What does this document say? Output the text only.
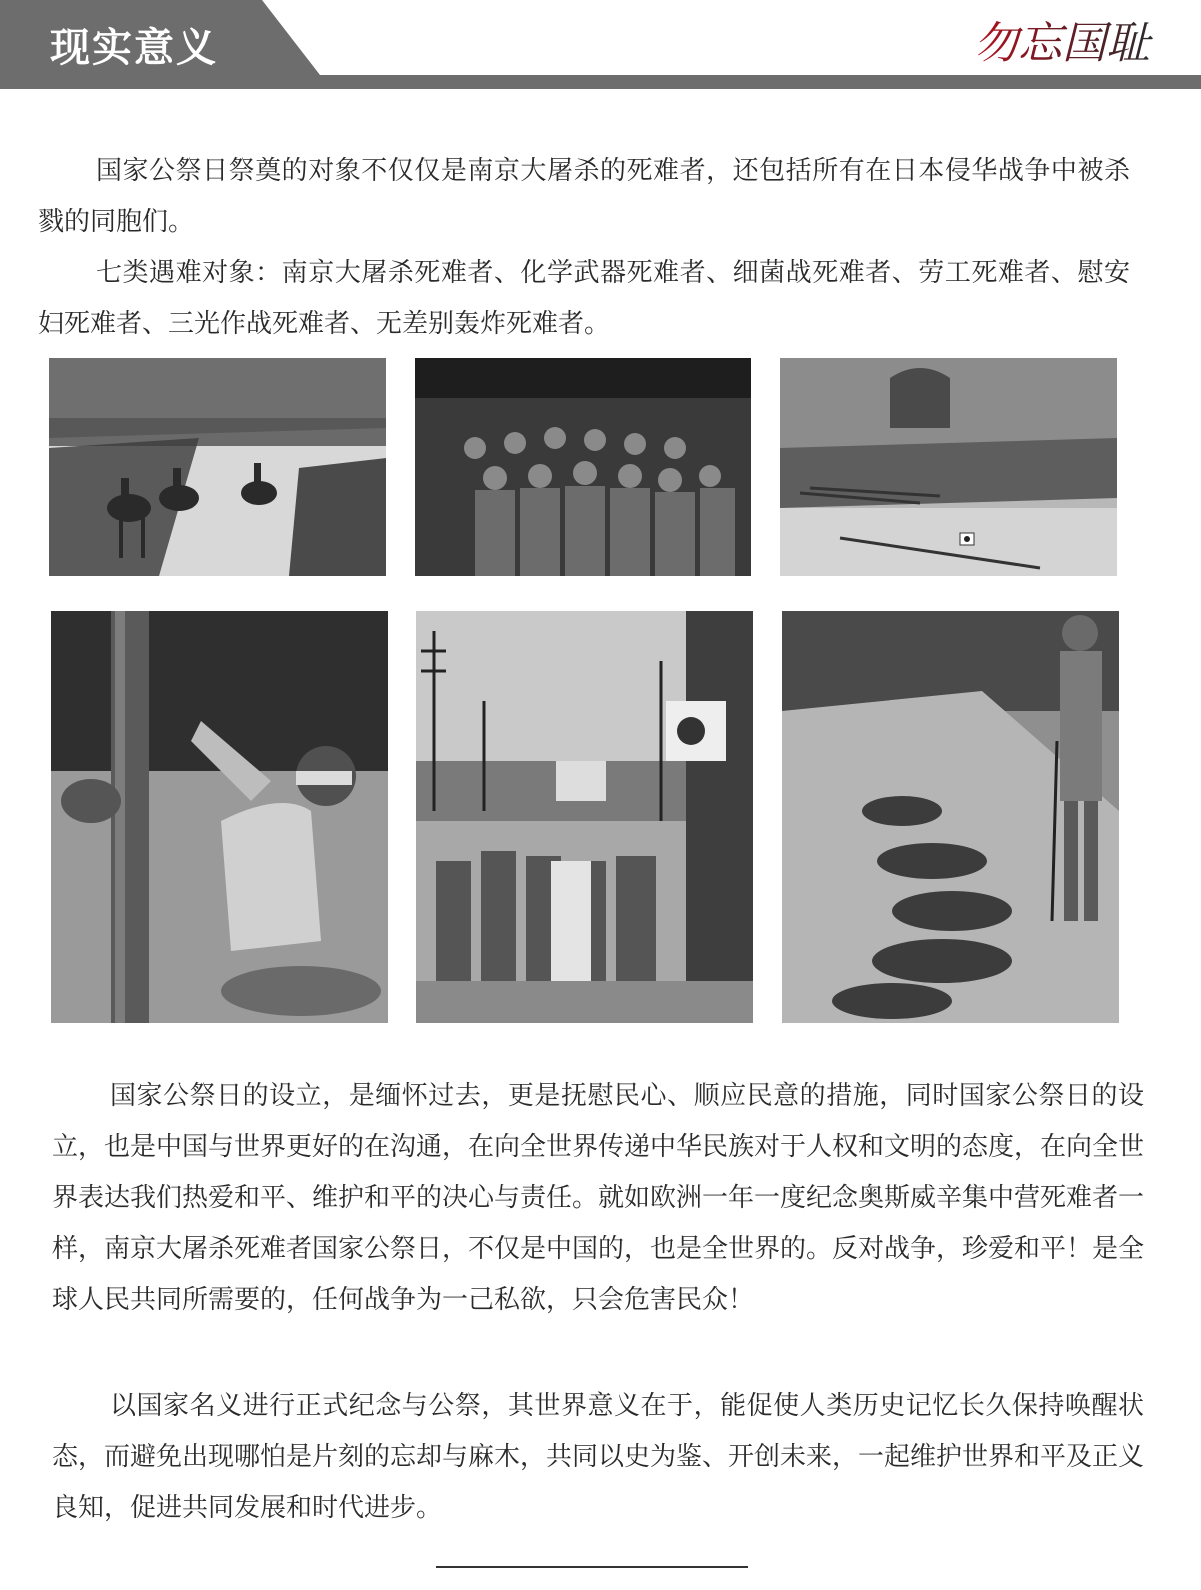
现实意义	勿忘国耻

国家公祭日祭奠的对象不仅仅是南京大屠杀的死难者，还包括所有在日本侵华战争中被杀戮的同胞们。

七类遇难对象：南京大屠杀死难者、化学武器死难者、细菌战死难者、劳工死难者、慰安妇死难者、三光作战死难者、无差别轰炸死难者。

国家公祭日的设立，是缅怀过去，更是抚慰民心、顺应民意的措施，同时国家公祭日的设立，也是中国与世界更好的在沟通，在向全世界传递中华民族对于人权和文明的态度，在向全世界表达我们热爱和平、维护和平的决心与责任。就如欧洲一年一度纪念奥斯威辛集中营死难者一样，南京大屠杀死难者国家公祭日，不仅是中国的，也是全世界的。反对战争，珍爱和平！是全球人民共同所需要的，任何战争为一己私欲，只会危害民众！

以国家名义进行正式纪念与公祭，其世界意义在于，能促使人类历史记忆长久保持唤醒状态，而避免出现哪怕是片刻的忘却与麻木，共同以史为鉴、开创未来，一起维护世界和平及正义良知，促进共同发展和时代进步。
